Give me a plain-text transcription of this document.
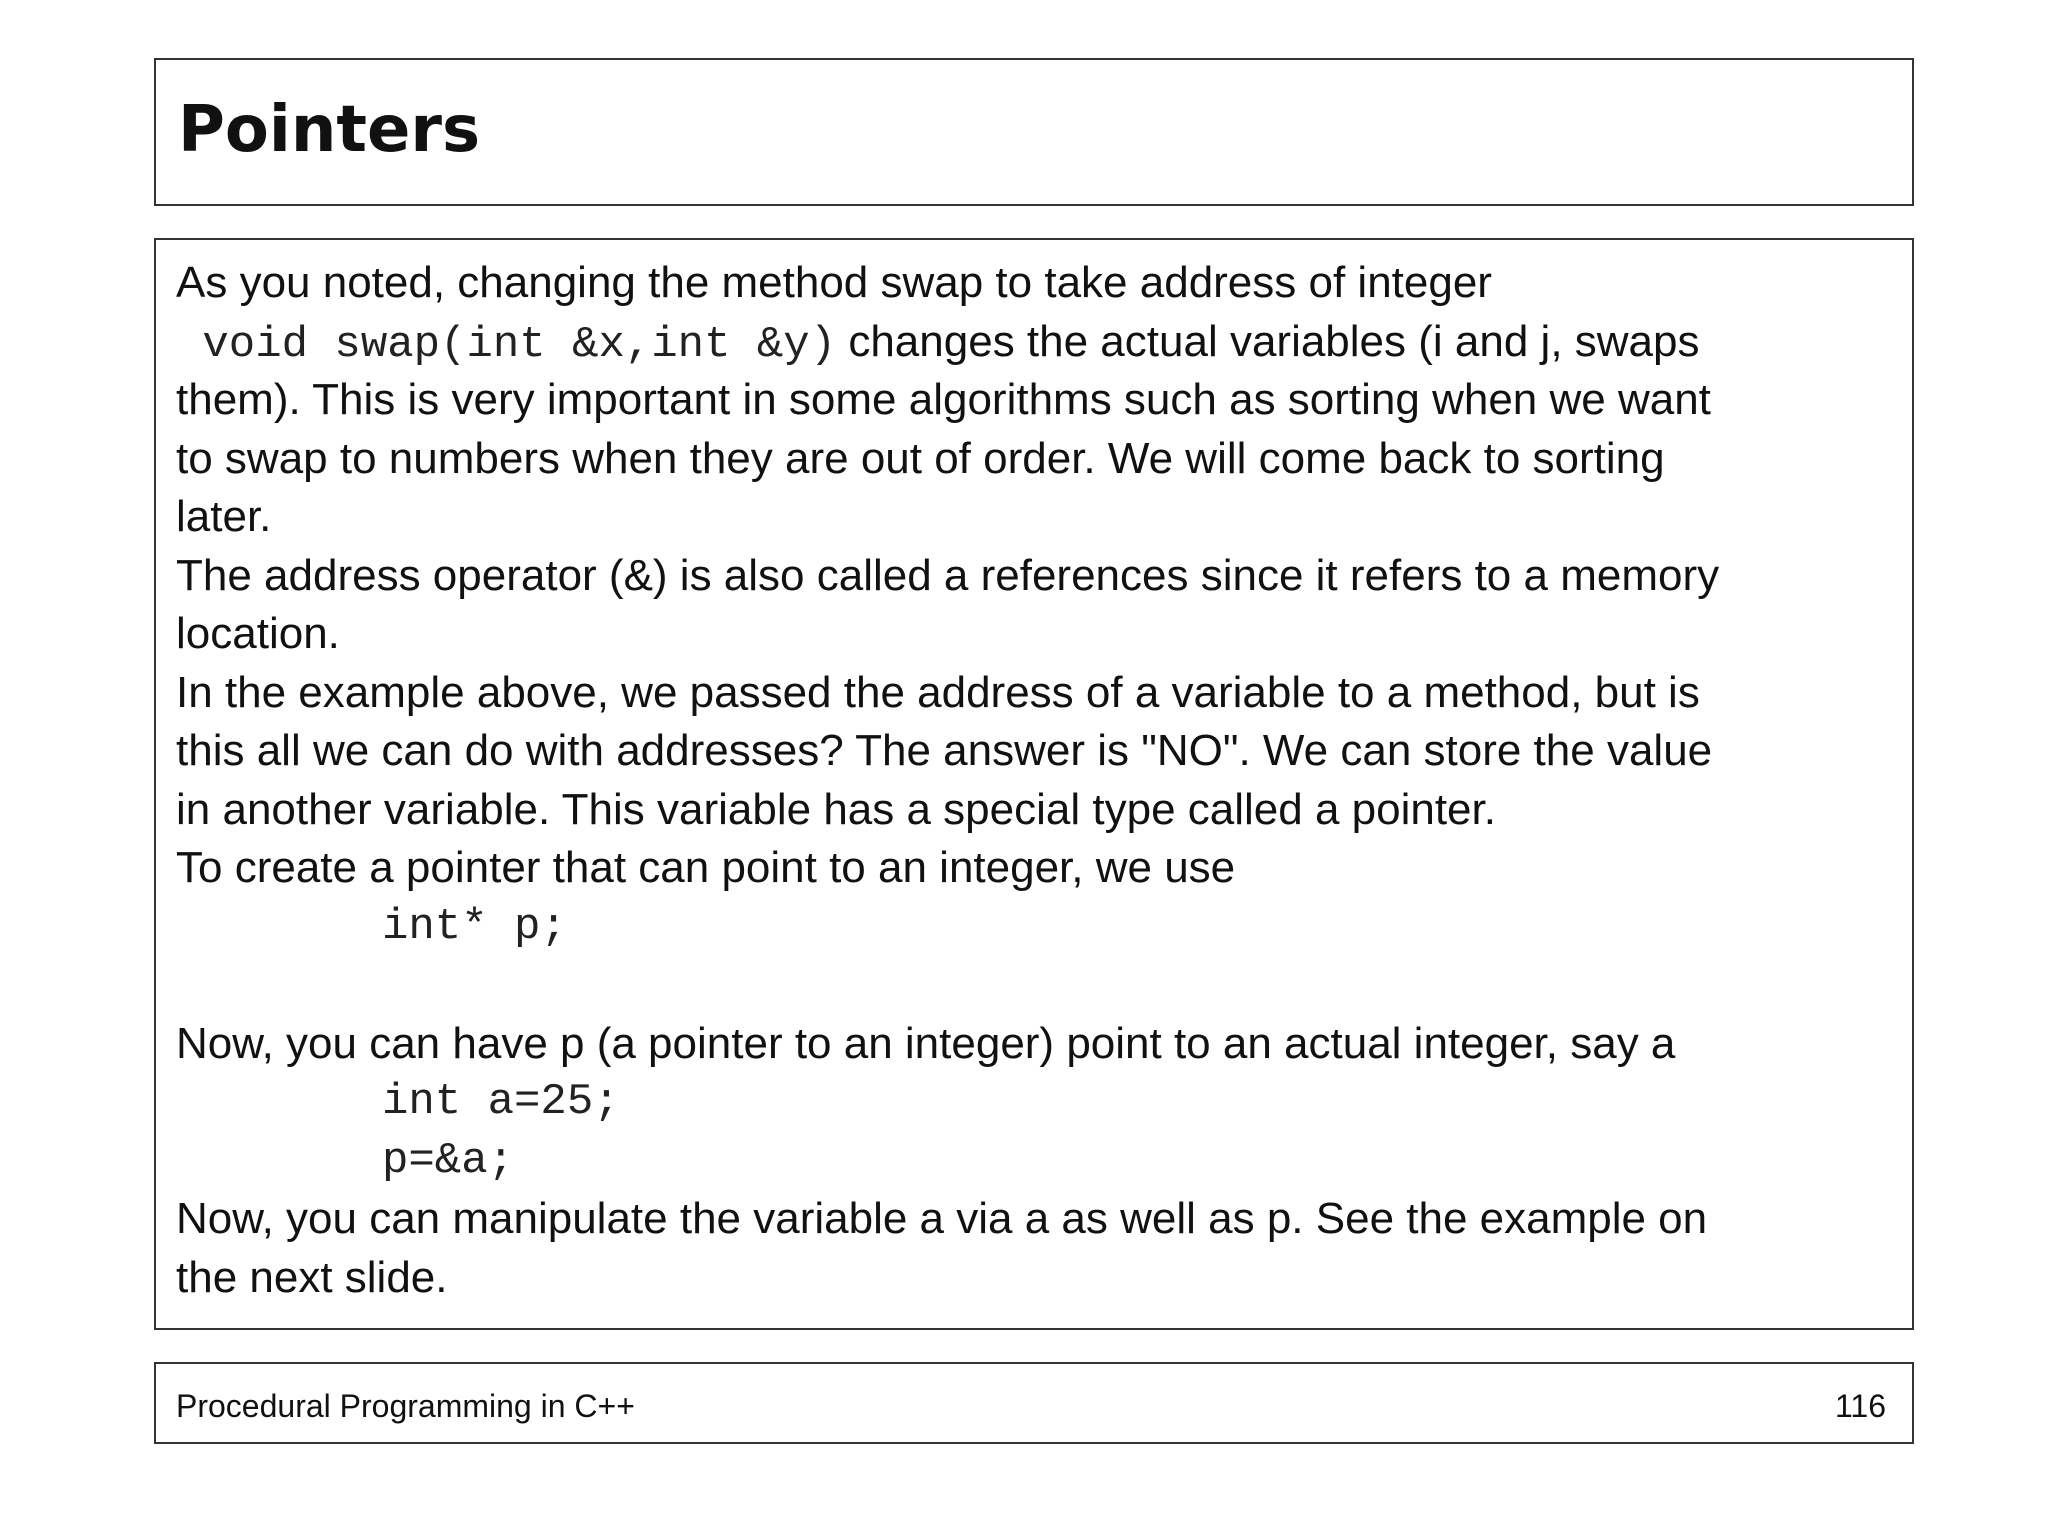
Pointers
As you noted, changing the method swap to take address of integer
void swap(int &x,int &y) changes the actual variables (i and j, swaps
them). This is very important in some algorithms such as sorting when we want
to swap to numbers when they are out of order. We will come back to sorting
later.
The address operator (&) is also called a references since it refers to a memory
location.
In the example above, we passed the address of a variable to a method, but is
this all we can do with addresses? The answer is "NO". We can store the value
in another variable. This variable has a special type called a pointer.
To create a pointer that can point to an integer, we use
int* p;
Now, you can have p (a pointer to an integer) point to an actual integer, say a
int a=25;
p=&a;
Now, you can manipulate the variable a via a as well as p. See the example on
the next slide.
Procedural Programming in C++	116
